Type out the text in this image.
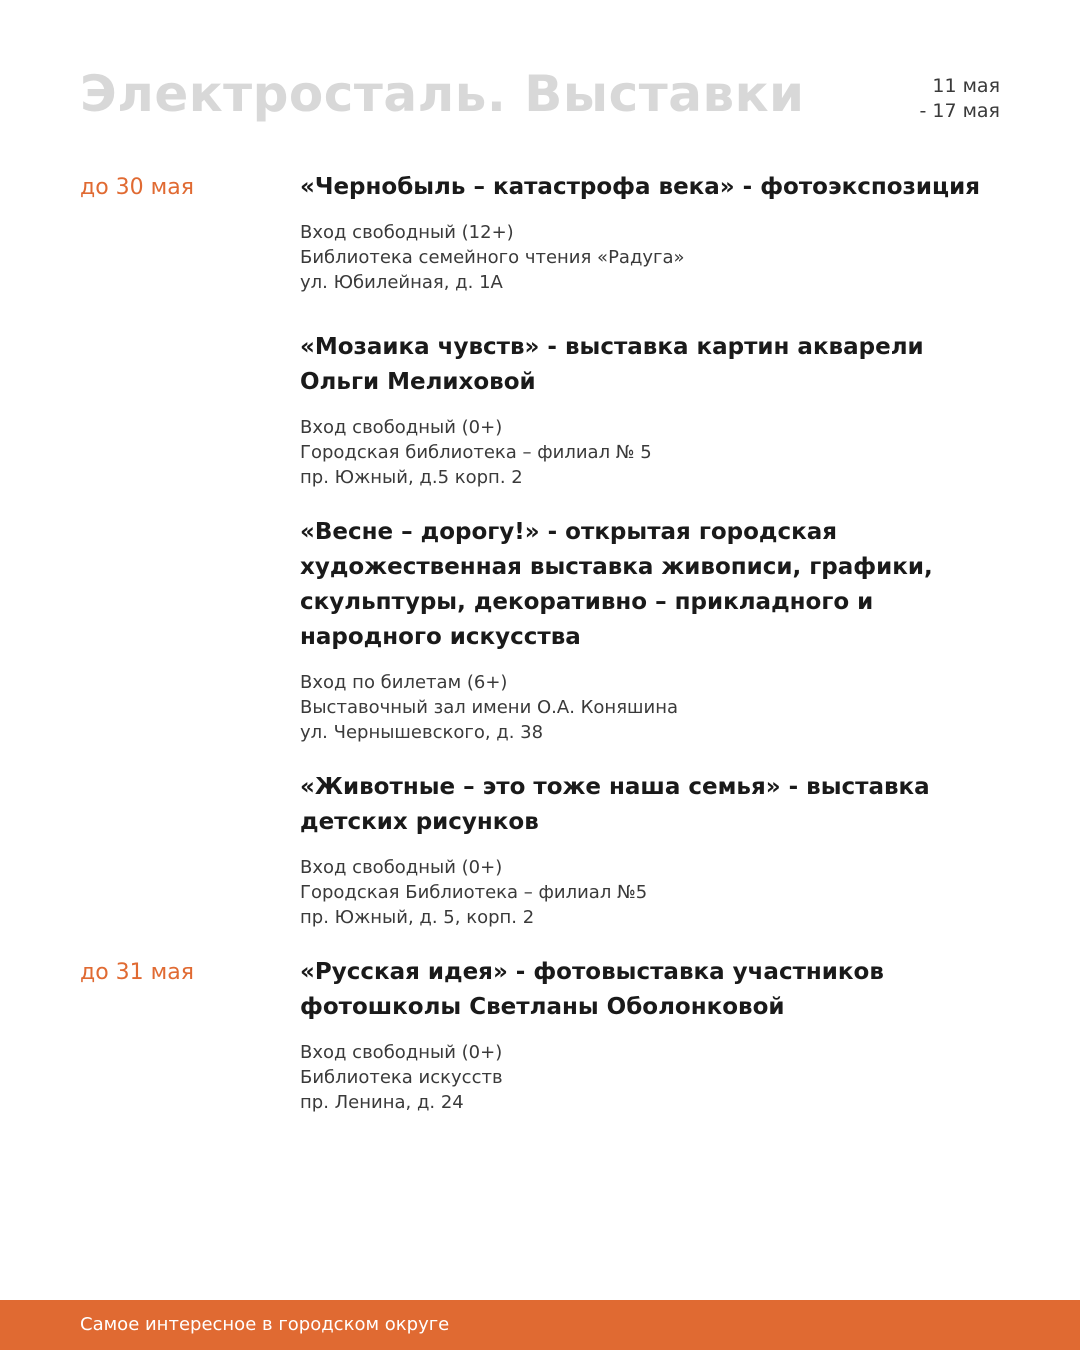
Электросталь. Выставки	11 мая
- 17 мая
до 30 мая	«Чернобыль – катастрофа века» - фотоэкспозиция
Вход свободный (12+)
Библиотека семейного чтения «Радуга»
ул. Юбилейная, д. 1А
«Мозаика чувств» - выставка картин акварели Ольги Мелиховой
Вход свободный (0+)
Городская библиотека – филиал № 5
пр. Южный, д.5 корп. 2
«Весне – дорогу!» - открытая городская художественная выставка живописи, графики, скульптуры, декоративно – прикладного и народного искусства
Вход по билетам (6+)
Выставочный зал имени О.А. Коняшина
ул. Чернышевского, д. 38
«Животные – это тоже наша семья» - выставка детских рисунков
Вход свободный (0+)
Городская Библиотека – филиал №5
пр. Южный, д. 5, корп. 2
до 31 мая	«Русская идея» - фотовыставка участников фотошколы Светланы Оболонковой
Вход свободный (0+)
Библиотека искусств
пр. Ленина, д. 24
Самое интересное в городском округе
